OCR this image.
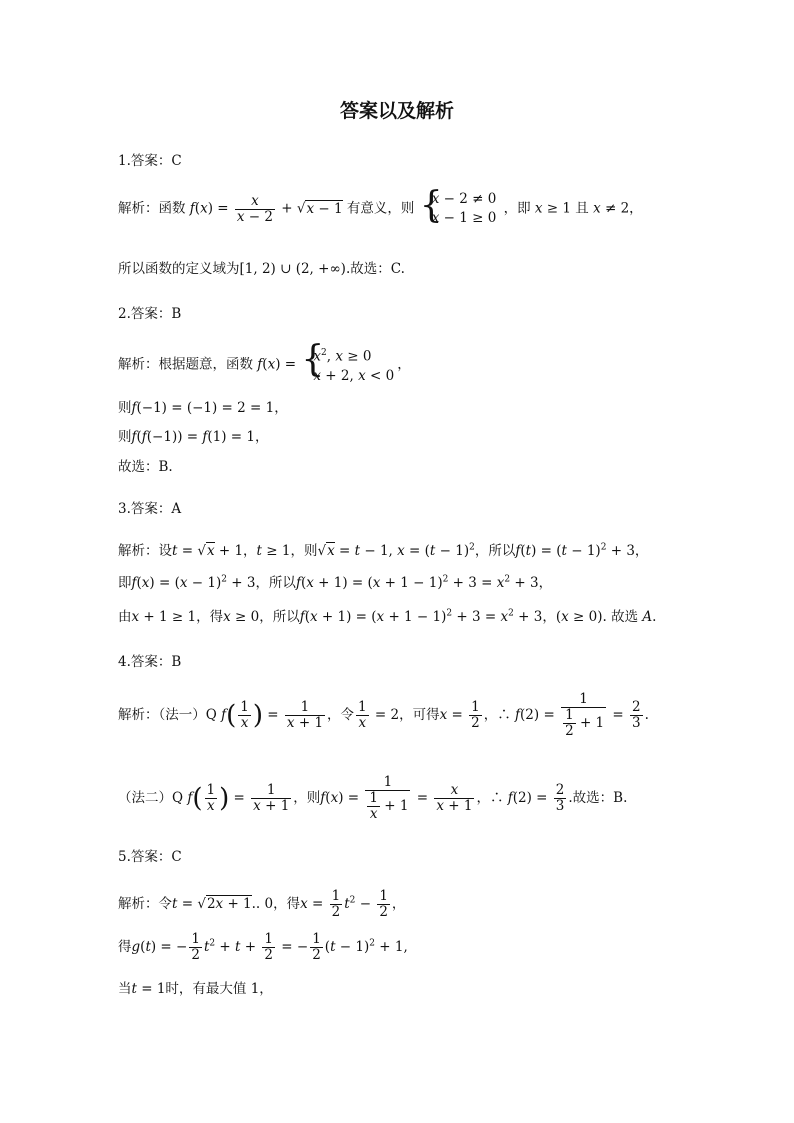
答案以及解析
1.答案：C
解析：函数 $f(x) = \frac{x}{x - 2} + √x - 1$ 有意义，则
{ x − 2 ≠ 0
x − 1 ≥ 0
，即 x ≥ 1 且 x ≠ 2，
所以函数的定义域为[1, 2) ∪ (2, +∞).故选：C.
2.答案：B
解析：根据题意，函数 f(x) =
{ $x^2$, x ≥ 0
x + 2, x < 0
，
则f(−1) = (−1) = 2 = 1，
则f(f(−1)) = f(1) = 1，
故选：B.
3.答案：A
解析：设t = √x + 1，t ≥ 1，则√x = t − 1, $x = (t - 1)^2$，所以$f(t) = (t - 1)^2 + 3$，
即$f(x) = (x - 1)^2 + 3$，所以$f(x + 1) = (x + 1 - 1)^2 + 3 = x^2 + 3$，
由x + 1 ≥ 1，得x ≥ 0，所以$f(x + 1) = (x + 1 - 1)^2 + 3 = x^2 + 3$，(x ≥ 0). 故选 A.
4.答案：B
解析：（法一）Q $f( \frac{1}{x}$ ) = $\frac{1}{x + 1}$ ，令 $\frac{1}{x} = 2$，可得$x = \frac{1}{2}$ ，∴ $f(2) = \frac{1}{\frac{1}{2} + 1} = \frac{2}{3}$ .
（法二）Q $f( \frac{1}{x}$ ) = $\frac{1}{x + 1}$ ，则$f(x) = \frac{1}{\frac{1}{x} + 1} = \frac{x}{x + 1}$ ，∴ $f(2) = \frac{2}{3}$ .故选：B.
5.答案：C
解析：令t = √2x + 1.. 0，得$x = \frac{1}{2} t^2 - \frac{1}{2}$ ，
得g(t) = − $\frac{1}{2} t^2 + t + \frac{1}{2}$ = − $\frac{1}{2} (t - 1)^2 + 1$,
当t = 1时，有最大值 1，
